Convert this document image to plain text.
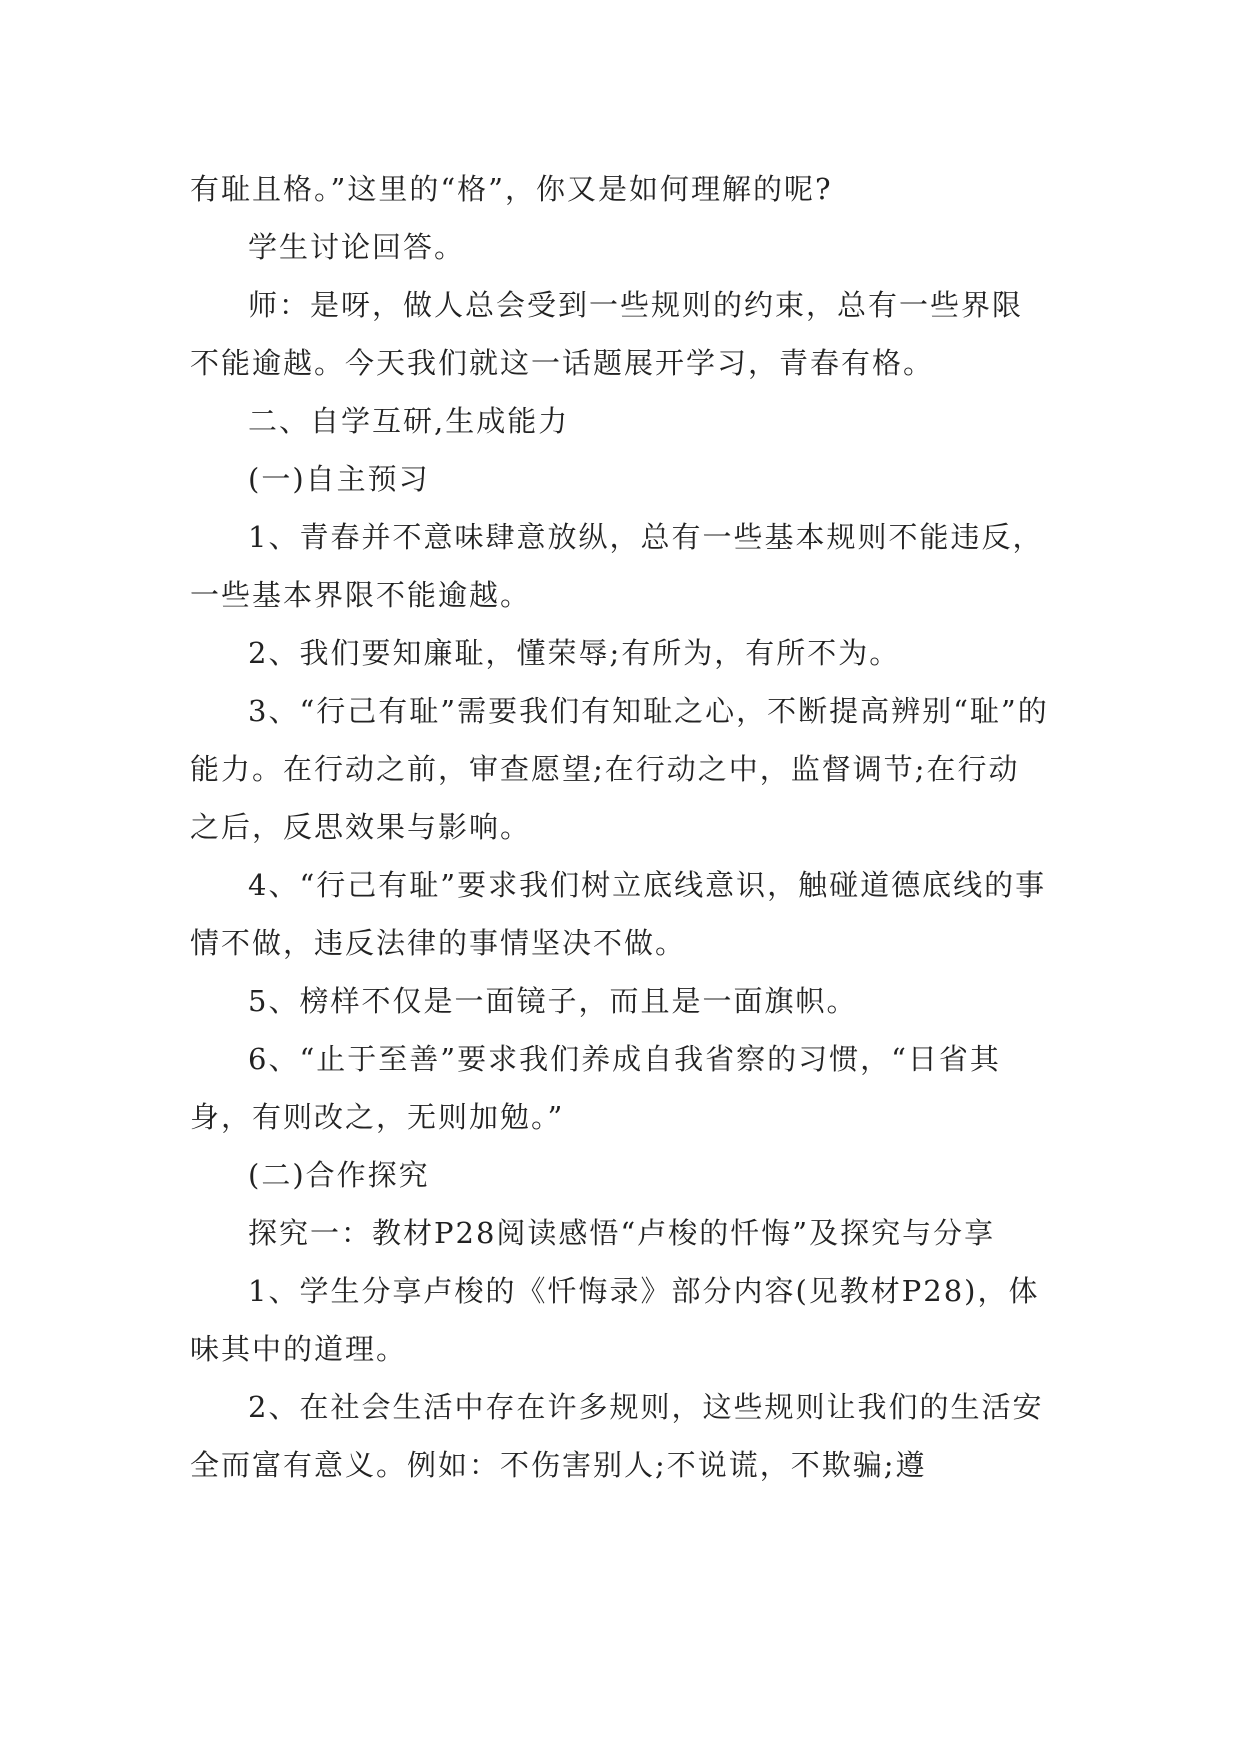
有耻且格。”这里的“格”，你又是如何理解的呢?

学生讨论回答。

师：是呀，做人总会受到一些规则的约束，总有一些界限不能逾越。今天我们就这一话题展开学习，青春有格。

二、自学互研,生成能力

(一)自主预习

1、青春并不意味肆意放纵，总有一些基本规则不能违反，一些基本界限不能逾越。

2、我们要知廉耻，懂荣辱;有所为，有所不为。

3、“行己有耻”需要我们有知耻之心，不断提高辨别“耻”的能力。在行动之前，审查愿望;在行动之中，监督调节;在行动之后，反思效果与影响。

4、“行己有耻”要求我们树立底线意识，触碰道德底线的事情不做，违反法律的事情坚决不做。

5、榜样不仅是一面镜子，而且是一面旗帜。

6、“止于至善”要求我们养成自我省察的习惯，“日省其身，有则改之，无则加勉。”

(二)合作探究

探究一：教材P28阅读感悟“卢梭的忏悔”及探究与分享

1、学生分享卢梭的《忏悔录》部分内容(见教材P28)，体味其中的道理。

2、在社会生活中存在许多规则，这些规则让我们的生活安全而富有意义。例如：不伤害别人;不说谎，不欺骗;遵
